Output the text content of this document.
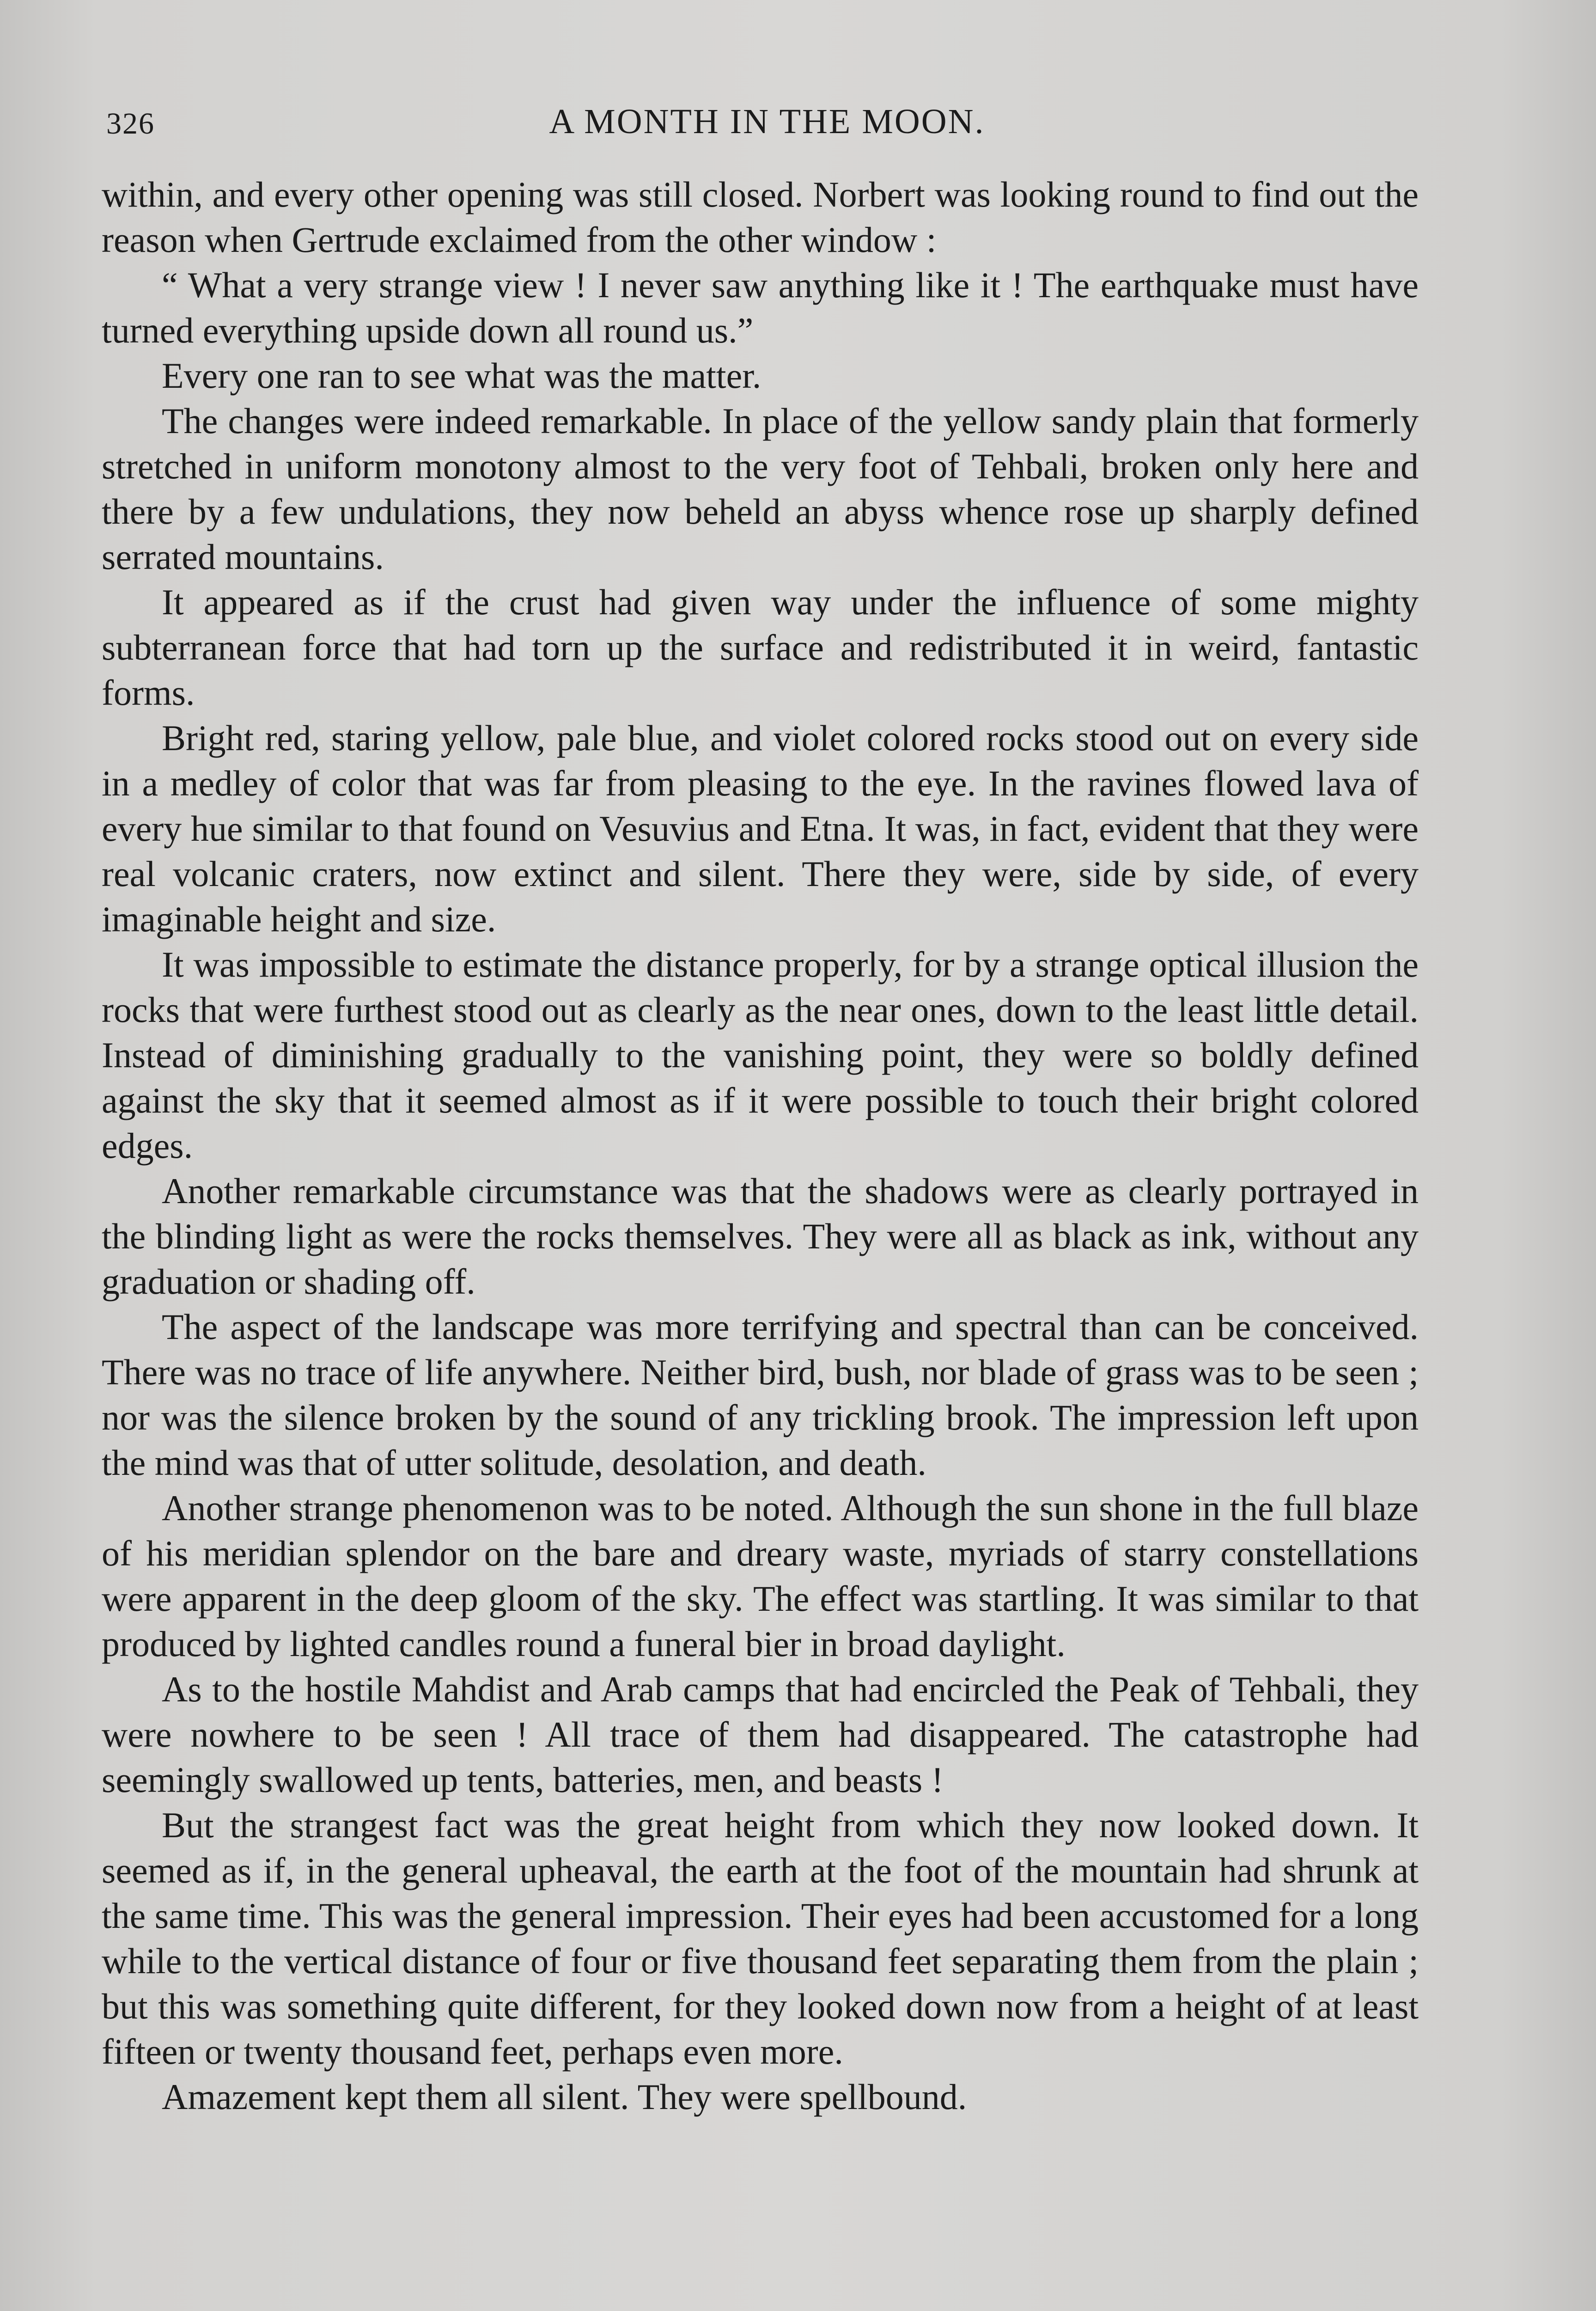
326	A MONTH IN THE MOON.

within, and every other opening was still closed. Norbert was looking round to find out the reason when Gertrude exclaimed from the other window :

“ What a very strange view ! I never saw anything like it ! The earthquake must have turned everything upside down all round us.”

Every one ran to see what was the matter.

The changes were indeed remarkable. In place of the yellow sandy plain that formerly stretched in uniform monotony almost to the very foot of Tehbali, broken only here and there by a few undulations, they now beheld an abyss whence rose up sharply defined serrated mountains.

It appeared as if the crust had given way under the influence of some mighty subterranean force that had torn up the surface and redistributed it in weird, fantastic forms.

Bright red, staring yellow, pale blue, and violet colored rocks stood out on every side in a medley of color that was far from pleasing to the eye. In the ravines flowed lava of every hue similar to that found on Vesuvius and Etna. It was, in fact, evident that they were real volcanic craters, now extinct and silent. There they were, side by side, of every imaginable height and size.

It was impossible to estimate the distance properly, for by a strange optical illusion the rocks that were furthest stood out as clearly as the near ones, down to the least little detail. Instead of diminishing gradually to the vanishing point, they were so boldly defined against the sky that it seemed almost as if it were possible to touch their bright colored edges.

Another remarkable circumstance was that the shadows were as clearly portrayed in the blinding light as were the rocks themselves. They were all as black as ink, without any graduation or shading off.

The aspect of the landscape was more terrifying and spectral than can be conceived. There was no trace of life anywhere. Neither bird, bush, nor blade of grass was to be seen ; nor was the silence broken by the sound of any trickling brook. The impression left upon the mind was that of utter solitude, desolation, and death.

Another strange phenomenon was to be noted. Although the sun shone in the full blaze of his meridian splendor on the bare and dreary waste, myriads of starry constellations were apparent in the deep gloom of the sky. The effect was startling. It was similar to that produced by lighted candles round a funeral bier in broad daylight.

As to the hostile Mahdist and Arab camps that had encircled the Peak of Tehbali, they were nowhere to be seen ! All trace of them had disappeared. The catastrophe had seemingly swallowed up tents, batteries, men, and beasts !

But the strangest fact was the great height from which they now looked down. It seemed as if, in the general upheaval, the earth at the foot of the mountain had shrunk at the same time. This was the general impression. Their eyes had been accustomed for a long while to the vertical distance of four or five thousand feet separating them from the plain ; but this was something quite different, for they looked down now from a height of at least fifteen or twenty thousand feet, perhaps even more.

Amazement kept them all silent. They were spellbound.
